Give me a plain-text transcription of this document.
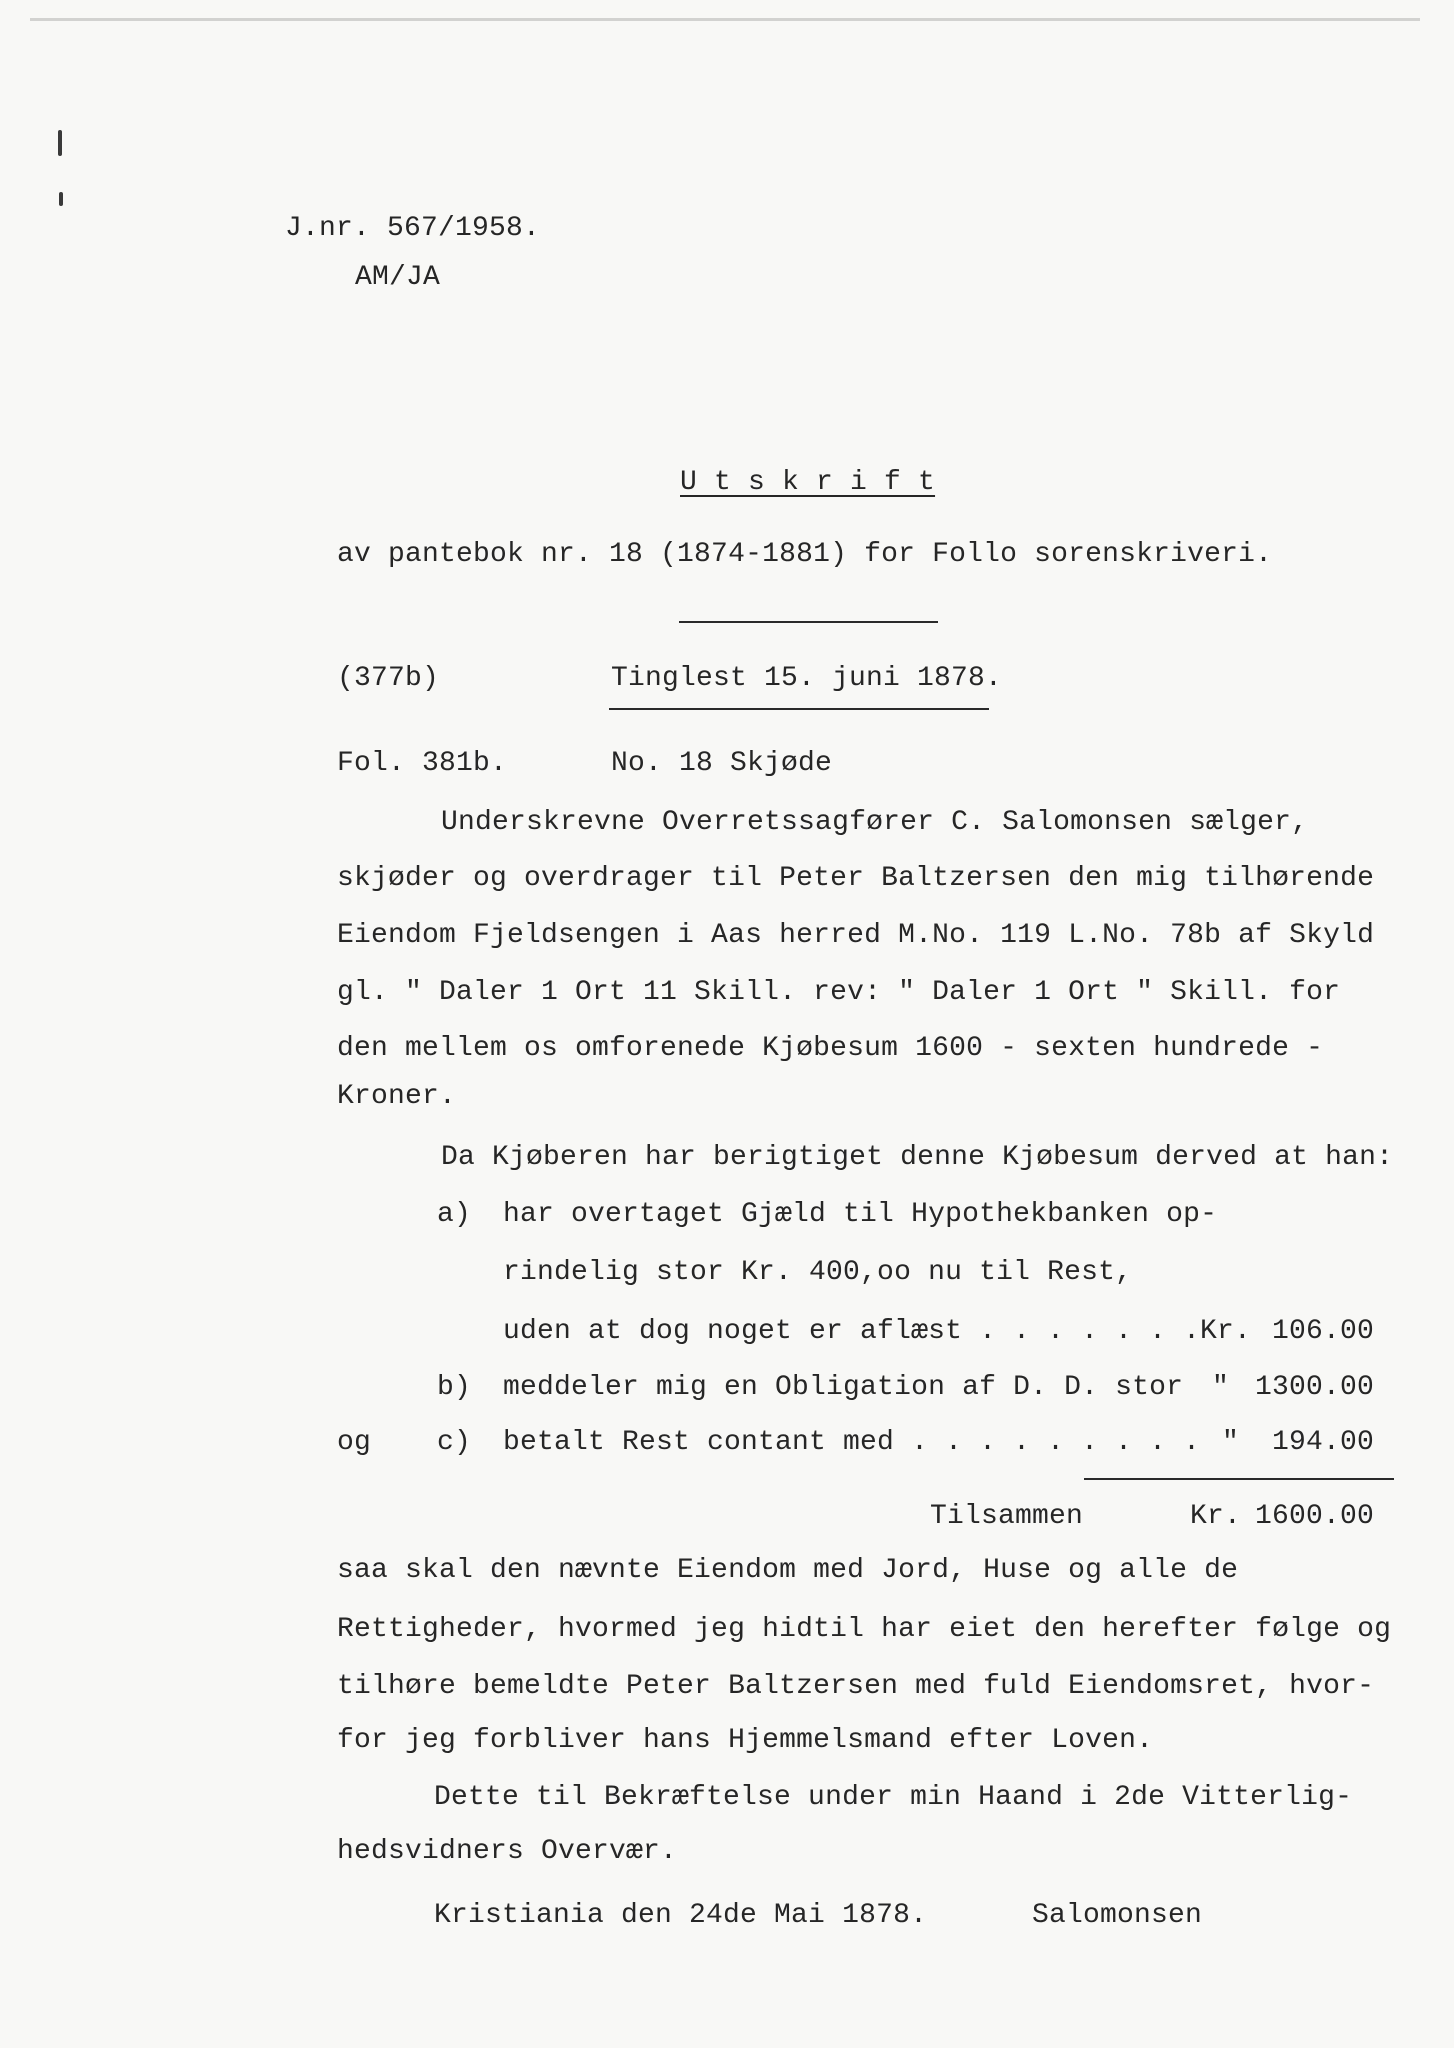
J.nr. 567/1958.
AM/JA
U t s k r i f t
av pantebok nr. 18 (1874-1881) for Follo sorenskriveri.
(377b)	Tinglest 15. juni 1878.
Fol. 381b.	No. 18 Skjøde
Underskrevne Overretssagfører C. Salomonsen sælger,
skjøder og overdrager til Peter Baltzersen den mig tilhørende
Eiendom Fjeldsengen i Aas herred M.No. 119 L.No. 78b af Skyld
gl. " Daler 1 Ort 11 Skill. rev: " Daler 1 Ort " Skill. for
den mellem os omforenede Kjøbesum 1600 - sexten hundrede -
Kroner.
Da Kjøberen har berigtiget denne Kjøbesum derved at han:
a) har overtaget Gjæld til Hypothekbanken op-
rindelig stor Kr. 400,oo nu til Rest,
uden at dog noget er aflæst . . . . . . . Kr. 106.00
b) meddeler mig en Obligation af D. D. stor " 1300.00
og c) betalt Rest contant med . . . . . . . . . " 194.00
Tilsammen	Kr. 1600.00
saa skal den nævnte Eiendom med Jord, Huse og alle de
Rettigheder, hvormed jeg hidtil har eiet den herefter følge og
tilhøre bemeldte Peter Baltzersen med fuld Eiendomsret, hvor-
for jeg forbliver hans Hjemmelsmand efter Loven.
Dette til Bekræftelse under min Haand i 2de Vitterlig-
hedsvidners Overvær.
Kristiania den 24de Mai 1878.	Salomonsen
